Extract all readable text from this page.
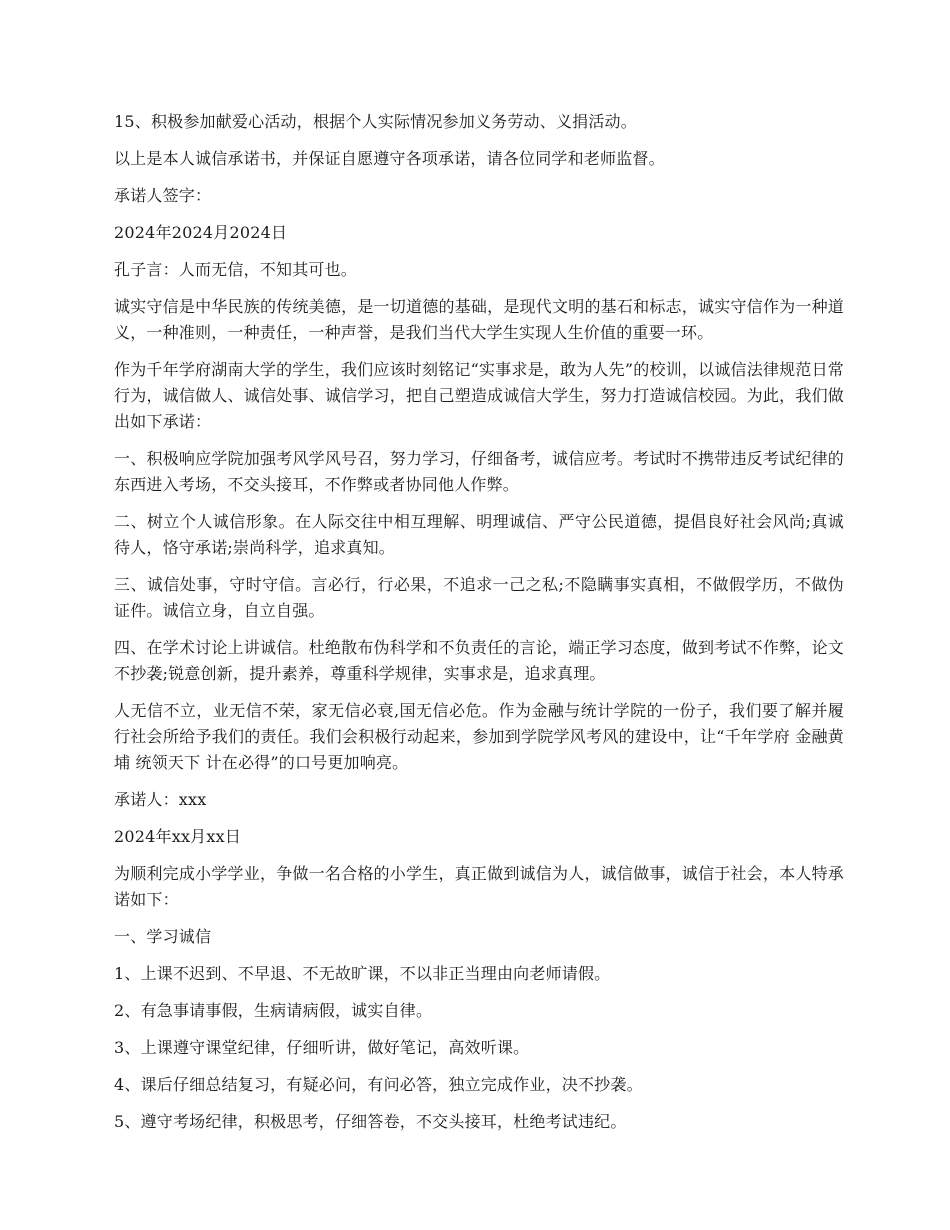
15、积极参加献爱心活动，根据个人实际情况参加义务劳动、义捐活动。

以上是本人诚信承诺书，并保证自愿遵守各项承诺，请各位同学和老师监督。

承诺人签字：

2024年2024月2024日

孔子言：人而无信，不知其可也。

诚实守信是中华民族的传统美德，是一切道德的基础，是现代文明的基石和标志，诚实守信作为一种道义，一种准则，一种责任，一种声誉，是我们当代大学生实现人生价值的重要一环。

作为千年学府湖南大学的学生，我们应该时刻铭记“实事求是，敢为人先”的校训，以诚信法律规范日常行为，诚信做人、诚信处事、诚信学习，把自己塑造成诚信大学生，努力打造诚信校园。为此，我们做出如下承诺：

一、积极响应学院加强考风学风号召，努力学习，仔细备考，诚信应考。考试时不携带违反考试纪律的东西进入考场，不交头接耳，不作弊或者协同他人作弊。

二、树立个人诚信形象。在人际交往中相互理解、明理诚信、严守公民道德，提倡良好社会风尚;真诚待人，恪守承诺;崇尚科学，追求真知。

三、诚信处事，守时守信。言必行，行必果，不追求一己之私;不隐瞒事实真相，不做假学历，不做伪证件。诚信立身，自立自强。

四、在学术讨论上讲诚信。杜绝散布伪科学和不负责任的言论，端正学习态度，做到考试不作弊，论文不抄袭;锐意创新，提升素养，尊重科学规律，实事求是，追求真理。

人无信不立，业无信不荣，家无信必衰,国无信必危。作为金融与统计学院的一份子，我们要了解并履行社会所给予我们的责任。我们会积极行动起来，参加到学院学风考风的建设中，让“千年学府 金融黄埔 统领天下 计在必得”的口号更加响亮。

承诺人：xxx

2024年xx月xx日

为顺利完成小学学业，争做一名合格的小学生，真正做到诚信为人，诚信做事，诚信于社会，本人特承诺如下：

一、学习诚信

1、上课不迟到、不早退、不无故旷课，不以非正当理由向老师请假。

2、有急事请事假，生病请病假，诚实自律。

3、上课遵守课堂纪律，仔细听讲，做好笔记，高效听课。

4、课后仔细总结复习，有疑必问，有问必答，独立完成作业，决不抄袭。

5、遵守考场纪律，积极思考，仔细答卷，不交头接耳，杜绝考试违纪。
